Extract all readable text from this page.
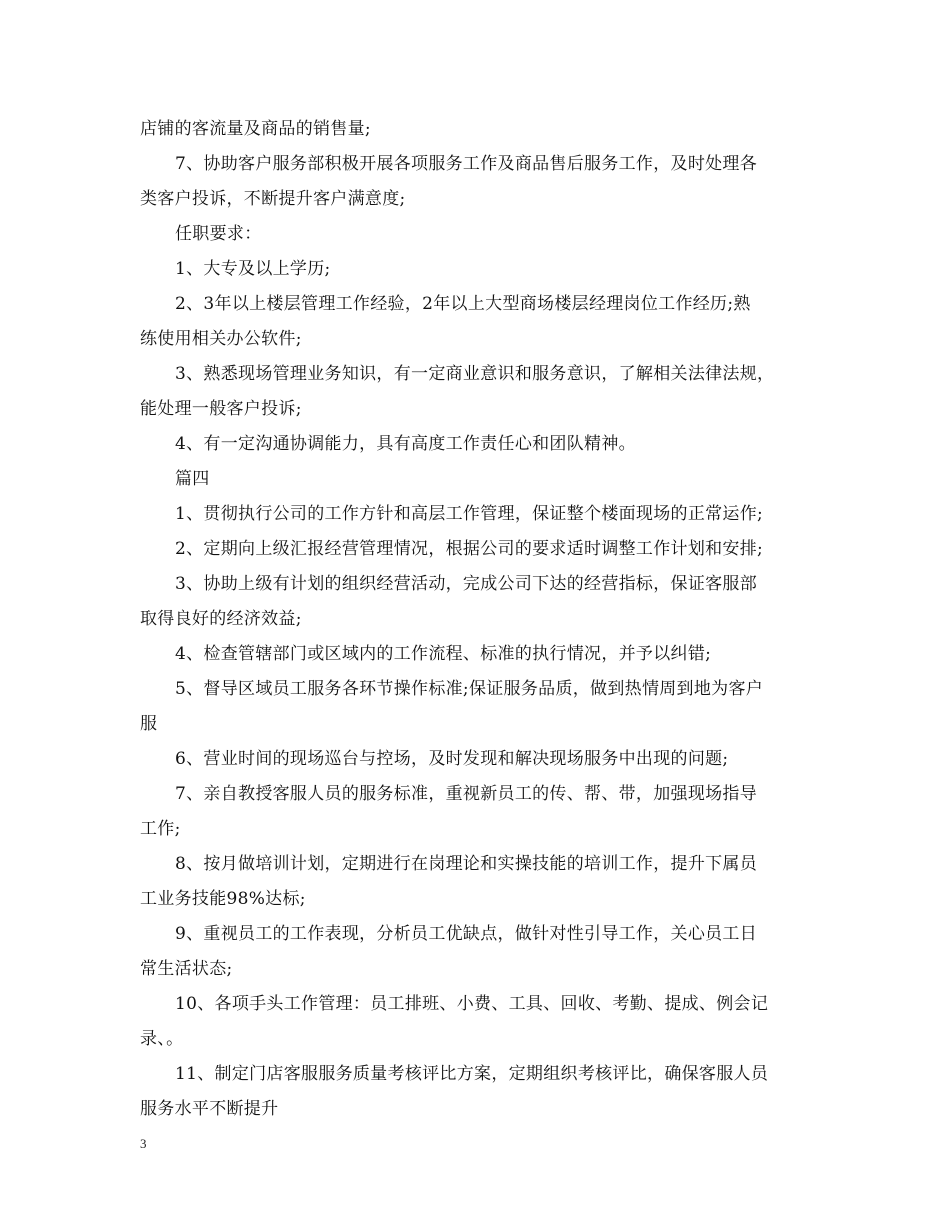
店铺的客流量及商品的销售量;
7、协助客户服务部积极开展各项服务工作及商品售后服务工作，及时处理各
类客户投诉，不断提升客户满意度;
任职要求：
1、大专及以上学历;
2、3年以上楼层管理工作经验，2年以上大型商场楼层经理岗位工作经历;熟
练使用相关办公软件;
3、熟悉现场管理业务知识，有一定商业意识和服务意识，了解相关法律法规，
能处理一般客户投诉;
4、有一定沟通协调能力，具有高度工作责任心和团队精神。
篇四
1、贯彻执行公司的工作方针和高层工作管理，保证整个楼面现场的正常运作;
2、定期向上级汇报经营管理情况，根据公司的要求适时调整工作计划和安排;
3、协助上级有计划的组织经营活动，完成公司下达的经营指标，保证客服部
取得良好的经济效益;
4、检查管辖部门或区域内的工作流程、标准的执行情况，并予以纠错;
5、督导区域员工服务各环节操作标准;保证服务品质，做到热情周到地为客户
服
6、营业时间的现场巡台与控场，及时发现和解决现场服务中出现的问题;
7、亲自教授客服人员的服务标准，重视新员工的传、帮、带，加强现场指导
工作;
8、按月做培训计划，定期进行在岗理论和实操技能的培训工作，提升下属员
工业务技能98%达标;
9、重视员工的工作表现，分析员工优缺点，做针对性引导工作，关心员工日
常生活状态;
10、各项手头工作管理：员工排班、小费、工具、回收、考勤、提成、例会记
录、。
11、制定门店客服服务质量考核评比方案，定期组织考核评比，确保客服人员
服务水平不断提升
3
